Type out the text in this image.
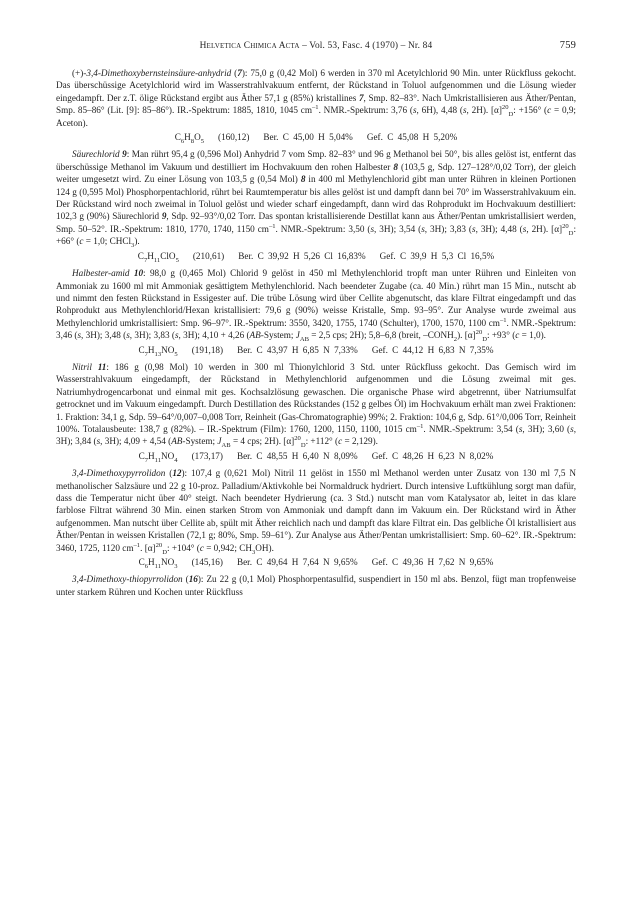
Helvetica Chimica Acta – Vol. 53, Fasc. 4 (1970) – Nr. 84	759

(+)-3,4-Dimethoxybernsteinsäure-anhydrid (7): 75,0 g (0,42 Mol) 6 werden in 370 ml Acetylchlorid 90 Min. unter Rückfluss gekocht. Das überschüssige Acetylchlorid wird im Wasserstrahlvakuum entfernt, der Rückstand in Toluol aufgenommen und die Lösung wieder eingedampft. Der z.T. ölige Rückstand ergibt aus Äther 57,1 g (85%) kristallines 7, Smp. 82–83°. Nach Umkristallisieren aus Äther/Pentan, Smp. 85–86° (Lit. [9]: 85–86°). IR.-Spektrum: 1885, 1810, 1045 $cm^{-1}$. NMR.-Spektrum: 3,76 (s, 6H), 4,48 (s, 2H). $[\alpha]^{20}_D$: +156° (c = 0,9; Aceton).

$C_6H_8O_5$ (160,12) Ber. C 45,00 H 5,04% Gef. C 45,08 H 5,20%

Säurechlorid 9: Man rührt 95,4 g (0,596 Mol) Anhydrid 7 vom Smp. 82–83° und 96 g Methanol bei 50°, bis alles gelöst ist, entfernt das überschüssige Methanol im Vakuum und destilliert im Hochvakuum den rohen Halbester 8 (103,5 g, Sdp. 127–128°/0,02 Torr), der gleich weiter umgesetzt wird. Zu einer Lösung von 103,5 g (0,54 Mol) 8 in 400 ml Methylenchlorid gibt man unter Rühren in kleinen Portionen 124 g (0,595 Mol) Phosphorpentachlorid, rührt bei Raumtemperatur bis alles gelöst ist und dampft dann bei 70° im Wasserstrahlvakuum ein. Der Rückstand wird noch zweimal in Toluol gelöst und wieder scharf eingedampft, dann wird das Rohprodukt im Hochvakuum destilliert: 102,3 g (90%) Säurechlorid 9, Sdp. 92–93°/0,02 Torr. Das spontan kristallisierende Destillat kann aus Äther/Pentan umkristallisiert werden, Smp. 50–52°. IR.-Spektrum: 1810, 1770, 1740, 1150 $cm^{-1}$. NMR.-Spektrum: 3,50 (s, 3H); 3,54 (s, 3H); 3,83 (s, 3H); 4,48 (s, 2H). $[\alpha]^{20}_D$: +66° (c = 1,0; CHCl$_3$).

$C_7H_{11}ClO_5$ (210,61) Ber. C 39,92 H 5,26 Cl 16,83% Gef. C 39,9 H 5,3 Cl 16,5%

Halbester-amid 10: 98,0 g (0,465 Mol) Chlorid 9 gelöst in 450 ml Methylenchlorid tropft man unter Rühren und Einleiten von Ammoniak zu 1600 ml mit Ammoniak gesättigtem Methylenchlorid. Nach beendeter Zugabe (ca. 40 Min.) rührt man 15 Min., nutscht ab und nimmt den festen Rückstand in Essigester auf. Die trübe Lösung wird über Cellite abgenutscht, das klare Filtrat eingedampft und das Rohprodukt aus Methylenchlorid/Hexan kristallisiert: 79,6 g (90%) weisse Kristalle, Smp. 93–95°. Zur Analyse wurde zweimal aus Methylenchlorid umkristallisiert: Smp. 96–97°. IR.-Spektrum: 3550, 3420, 1755, 1740 (Schulter), 1700, 1570, 1100 $cm^{-1}$. NMR.-Spektrum: 3,46 (s, 3H); 3,48 (s, 3H); 3,83 (s, 3H); 4,10 + 4,26 (AB-System; $J_{AB} = 2,5$ cps; 2H); 5,8–6,8 (breit, $-CONH_2$). $[\alpha]^{20}_D$: +93° (c = 1,0).

$C_7H_{13}NO_5$ (191,18) Ber. C 43,97 H 6,85 N 7,33% Gef. C 44,12 H 6,83 N 7,35%

Nitril 11: 186 g (0,98 Mol) 10 werden in 300 ml Thionylchlorid 3 Std. unter Rückfluss gekocht. Das Gemisch wird im Wasserstrahlvakuum eingedampft, der Rückstand in Methylenchlorid aufgenommen und die Lösung zweimal mit ges. Natriumhydrogencarbonat und einmal mit ges. Kochsalzlösung gewaschen. Die organische Phase wird abgetrennt, über Natriumsulfat getrocknet und im Vakuum eingedampft. Durch Destillation des Rückstandes (152 g gelbes Öl) im Hochvakuum erhält man zwei Fraktionen: 1. Fraktion: 34,1 g, Sdp. 59–64°/0,007–0,008 Torr, Reinheit (Gas-Chromatographie) 99%; 2. Fraktion: 104,6 g, Sdp. 61°/0,006 Torr, Reinheit 100%. Totalausbeute: 138,7 g (82%). – IR.-Spektrum (Film): 1760, 1200, 1150, 1100, 1015 $cm^{-1}$. NMR.-Spektrum: 3,54 (s, 3H); 3,60 (s, 3H); 3,84 (s, 3H); 4,09 + 4,54 (AB-System; $J_{AB} = 4$ cps; 2H). $[\alpha]^{20}_D$: +112° (c = 2,129).

$C_7H_{11}NO_4$ (173,17) Ber. C 48,55 H 6,40 N 8,09% Gef. C 48,26 H 6,23 N 8,02%

3,4-Dimethoxypyrrolidon (12): 107,4 g (0,621 Mol) Nitril 11 gelöst in 1550 ml Methanol werden unter Zusatz von 130 ml 7,5 N methanolischer Salzsäure und 22 g 10-proz. Palladium/Aktivkohle bei Normaldruck hydriert. Durch intensive Luftkühlung sorgt man dafür, dass die Temperatur nicht über 40° steigt. Nach beendeter Hydrierung (ca. 3 Std.) nutscht man vom Katalysator ab, leitet in das klare farblose Filtrat während 30 Min. einen starken Strom von Ammoniak und dampft dann im Vakuum ein. Der Rückstand wird in Äther aufgenommen. Man nutscht über Cellite ab, spült mit Äther reichlich nach und dampft das klare Filtrat ein. Das gelbliche Öl kristallisiert aus Äther/Pentan in weissen Kristallen (72,1 g; 80%, Smp. 59–61°). Zur Analyse aus Äther/Pentan umkristallisiert: Smp. 60–62°. IR.-Spektrum: 3460, 1725, 1120 $cm^{-1}$. $[\alpha]^{20}_D$: +104° (c = 0,942; $CH_3OH$).

$C_6H_{11}NO_3$ (145,16) Ber. C 49,64 H 7,64 N 9,65% Gef. C 49,36 H 7,62 N 9,65%

3,4-Dimethoxy-thiopyrrolidon (16): Zu 22 g (0,1 Mol) Phosphorpentasulfid, suspendiert in 150 ml abs. Benzol, fügt man tropfenweise unter starkem Rühren und Kochen unter Rückfluss
